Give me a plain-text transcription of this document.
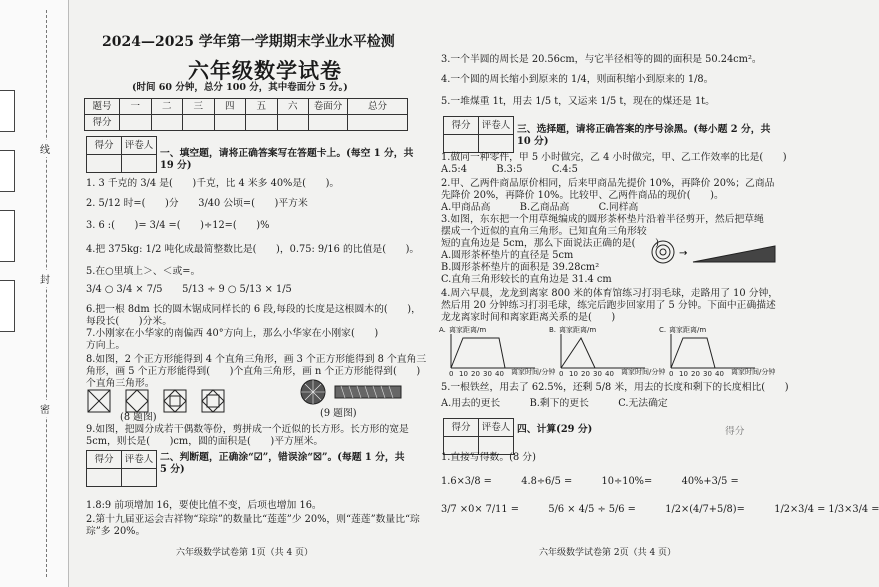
线
封
密
2024—2025 学年第一学期期末学业水平检测
六年级数学试卷
(时间 60 分钟，总分 100 分，其中卷面分 5 分。)
题号	一	二	三	四	五	六	卷面分	总分
得分								
得分	评卷人

一、填空题，请将正确答案写在答题卡上。(每空 1 分，共
19 分)
1. 3 千克的 3/4 是(　　)千克，比 4 米多 40%是(　　)。
2. 5/12 时=(　　)分　　3/40 公顷=(　　)平方米
3. 6 :(　　)= 3/4 =(　　)÷12=(　　)%
4.把 375kg: 1/2 吨化成最简整数比是(　　)，0.75: 9/16 的比值是(　　)。
5.在○里填上＞、＜或=。
3/4 ○ 3/4 × 7/5　　5/13 ÷ 9 ○ 5/13 × 1/5
6.把一根 8dm 长的圆木锯成同样长的 6 段,每段的长度是这根圆木的(　　)，
每段长(　　)分米。
7.小刚家在小华家的南偏西 40°方向上，那么小华家在小刚家(　　)
方向上。
8.如图，2 个正方形能得到 4 个直角三角形，画 3 个正方形能得到 8 个直角三
角形，画 5 个正方形能得到(　　)个直角三角形，画 n 个正方形能得到(　　)
个直角三角形。
(8 题图)	(9 题图)
9.如图，把圆分成若干偶数等份，剪拼成一个近似的长方形。长方形的宽是
5cm，则长是(　　)cm，圆的面积是(　　)平方厘米。
得分	评卷人
	二、判断题，正确涂“☑”，错误涂“☒”。(每题 1 分，共
5 分)
1.8:9 前项增加 16，要使比值不变，后项也增加 16。
2.第十九届亚运会吉祥物“琮琮”的数量比“莲莲”少 20%，则“莲莲”数量比“琮
琮”多 20%。
六年级数学试卷第 1页（共 4 页）
3.一个半圆的周长是 20.56cm，与它半径相等的圆的面积是 50.24cm²。
4.一个圆的周长缩小到原来的 1/4，则面积缩小到原来的 1/8。
5.一堆煤重 1t，用去 1/5 t，又运来 1/5 t，现在的煤还是 1t。
得分	评卷人
	三、选择题，请将正确答案的序号涂黑。(每小题 2 分，共
10 分)
1.做同一种零件，甲 5 小时做完，乙 4 小时做完，甲、乙工作效率的比是(　　)
A.5:4　　　B.3:5　　　C.4:5
2.甲、乙两件商品原价相同，后来甲商品先提价 10%，再降价 20%；乙商品
先降价 20%，再降价 10%。比较甲、乙两件商品的现价(　　)。
A.甲商品高　　　B.乙商品高　　　C.同样高
3.如图，东东把一个用草绳编成的圆形茶杯垫片沿着半径剪开，然后把草绳
摆成一个近似的直角三角形。已知直角三角形较
短的直角边是 5cm，那么下面说法正确的是(　　)
A.圆形茶杯垫片的直径是 5cm
B.圆形茶杯垫片的面积是 39.28cm²
C.直角三角形较长的直角边是 31.4 cm
→
4.周六早晨，龙龙到离家 800 米的体育馆练习打羽毛球，走路用了 10 分钟，
然后用 20 分钟练习打羽毛球，练完后跑步回家用了 5 分钟。下面中正确描述
龙龙离家时间和离家距离关系的是(　　)
A. 离家距离/m
0 10 20 30 40 离家时间/分钟
B. 离家距离/m
0 10 20 30 40 离家时间/分钟
C. 离家距离/m
0 10 20 30 40 离家时间/分钟
5.一根铁丝，用去了 62.5%，还剩 5/8 米，用去的长度和剩下的长度相比(　　)
A.用去的更长　　　B.剩下的更长　　　C.无法确定
得分	评卷人
	四、计算(29 分)	得分
1.直接写得数。(8 分)
1.6×3/8 =　　　4.8÷6/5 =　　　10÷10%=　　　40%+3/5 =
3/7 ×0× 7/11 =　　　5/6 × 4/5 ÷ 5/6 =　　　1/2×(4/7+5/8)=　　　1/2×3/4 = 1/3×3/4 =
六年级数学试卷第 2页（共 4 页）
